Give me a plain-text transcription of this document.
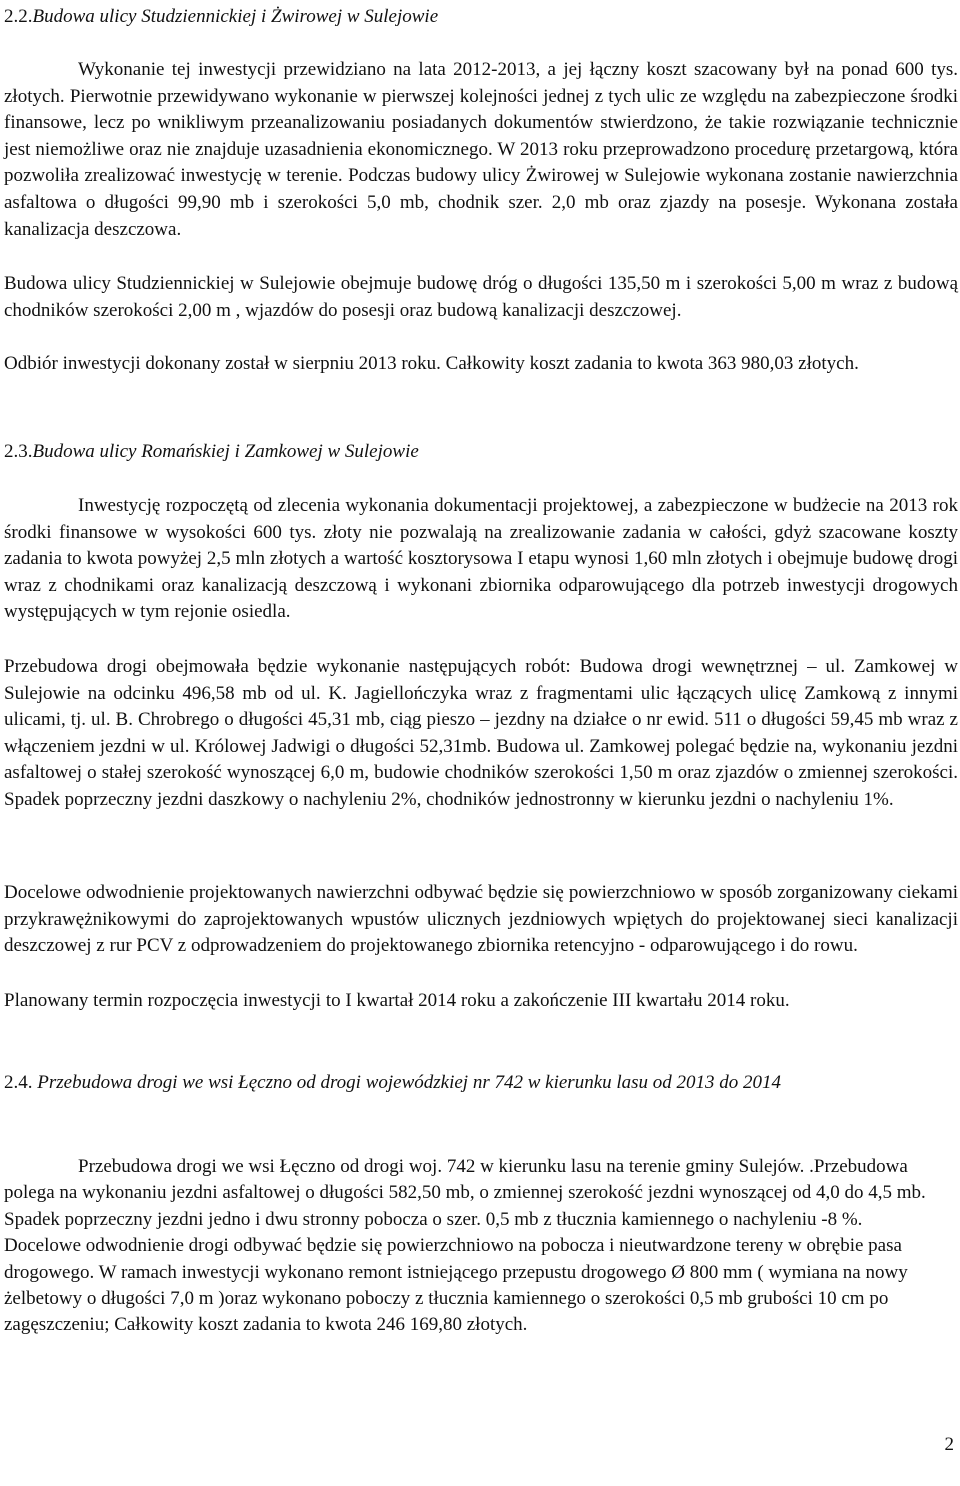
2.2.Budowa ulicy Studziennickiej i Żwirowej w Sulejowie

Wykonanie tej inwestycji przewidziano na lata 2012-2013, a jej łączny koszt szacowany był na ponad 600 tys. złotych. Pierwotnie przewidywano wykonanie w pierwszej kolejności jednej z tych ulic ze względu na zabezpieczone środki finansowe, lecz po wnikliwym przeanalizowaniu posiadanych dokumentów stwierdzono, że takie rozwiązanie technicznie jest niemożliwe oraz nie znajduje uzasadnienia ekonomicznego. W 2013 roku przeprowadzono procedurę przetargową, która pozwoliła zrealizować inwestycję w terenie. Podczas budowy ulicy Żwirowej w Sulejowie wykonana zostanie nawierzchnia asfaltowa o długości 99,90 mb i szerokości 5,0 mb, chodnik szer. 2,0 mb oraz zjazdy na posesje. Wykonana została kanalizacja deszczowa.

Budowa ulicy Studziennickiej w Sulejowie obejmuje budowę dróg o długości 135,50 m i szerokości 5,00 m wraz z budową chodników szerokości 2,00 m , wjazdów do posesji oraz budową kanalizacji deszczowej.

Odbiór inwestycji dokonany został w sierpniu 2013 roku. Całkowity koszt zadania to kwota 363 980,03 złotych.

2.3.Budowa ulicy Romańskiej i Zamkowej w Sulejowie

Inwestycję rozpoczętą od zlecenia wykonania dokumentacji projektowej, a zabezpieczone w budżecie na 2013 rok środki finansowe w wysokości 600 tys. złoty nie pozwalają na zrealizowanie zadania w całości, gdyż szacowane koszty zadania to kwota powyżej 2,5 mln złotych a wartość kosztorysowa I etapu wynosi 1,60 mln złotych i obejmuje budowę drogi wraz z chodnikami oraz kanalizacją deszczową i wykonani zbiornika odparowującego dla potrzeb inwestycji drogowych występujących w tym rejonie osiedla.

Przebudowa drogi obejmowała będzie wykonanie następujących robót: Budowa drogi wewnętrznej – ul. Zamkowej w Sulejowie na odcinku 496,58 mb od ul. K. Jagiellończyka wraz z fragmentami ulic łączących ulicę Zamkową z innymi ulicami, tj. ul. B. Chrobrego o długości 45,31 mb, ciąg pieszo – jezdny na działce o nr ewid. 511 o długości 59,45 mb wraz z włączeniem jezdni w ul. Królowej Jadwigi o długości 52,31mb. Budowa ul. Zamkowej polegać będzie na, wykonaniu jezdni asfaltowej o stałej szerokość wynoszącej 6,0 m, budowie chodników szerokości 1,50 m oraz zjazdów o zmiennej szerokości. Spadek poprzeczny jezdni daszkowy o nachyleniu 2%, chodników jednostronny w kierunku jezdni o nachyleniu 1%.

Docelowe odwodnienie projektowanych nawierzchni odbywać będzie się powierzchniowo w sposób zorganizowany ciekami przykrawężnikowymi do zaprojektowanych wpustów ulicznych jezdniowych wpiętych do projektowanej sieci kanalizacji deszczowej z rur PCV z odprowadzeniem do projektowanego zbiornika retencyjno - odparowującego i do rowu.

Planowany termin rozpoczęcia inwestycji to I kwartał 2014 roku a zakończenie III kwartału 2014 roku.

2.4. Przebudowa drogi we wsi Łęczno od drogi wojewódzkiej nr 742 w kierunku lasu od 2013 do 2014

Przebudowa drogi we wsi Łęczno od drogi woj. 742 w kierunku lasu na terenie gminy Sulejów. .Przebudowa polega na wykonaniu jezdni asfaltowej o długości 582,50 mb, o zmiennej szerokość jezdni wynoszącej od 4,0 do 4,5 mb. Spadek poprzeczny jezdni jedno i dwu stronny pobocza o szer. 0,5 mb z tłucznia kamiennego o nachyleniu -8 %. Docelowe odwodnienie drogi odbywać będzie się powierzchniowo na pobocza i nieutwardzone tereny w obrębie pasa drogowego. W ramach inwestycji wykonano remont istniejącego przepustu drogowego Ø 800 mm ( wymiana na nowy żelbetowy o długości 7,0 m )oraz wykonano poboczy z tłucznia kamiennego o szerokości 0,5 mb grubości 10 cm po zagęszczeniu; Całkowity koszt zadania to kwota 246 169,80 złotych.

2
